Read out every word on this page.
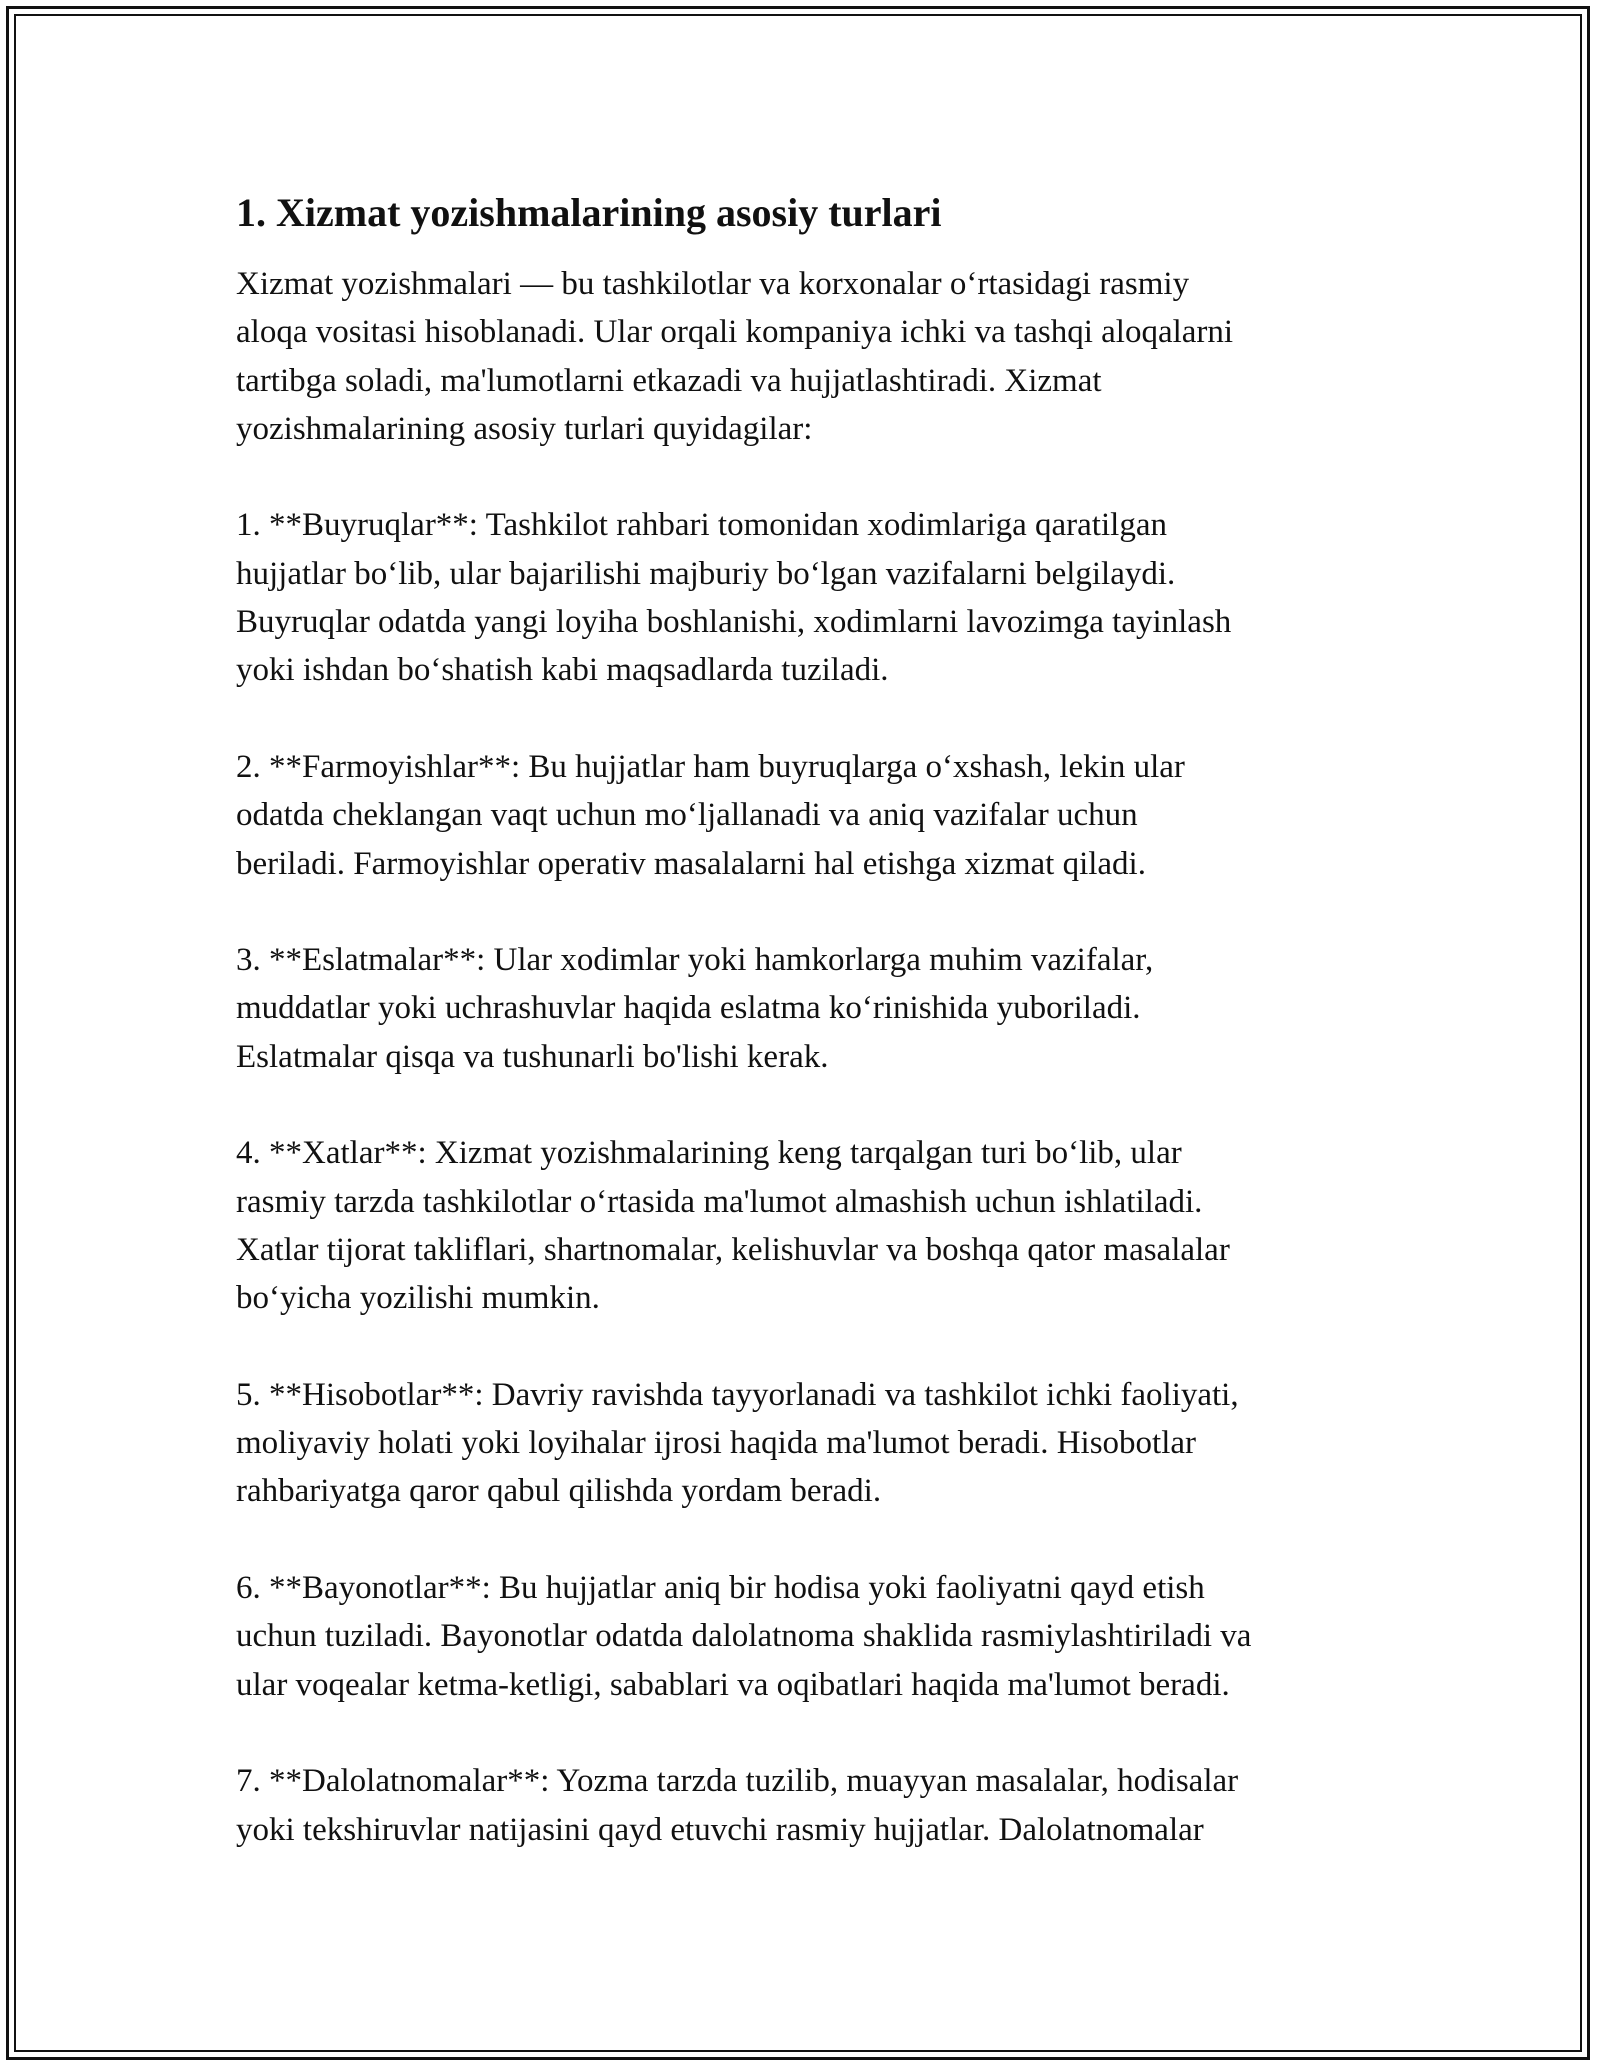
1. Xizmat yozishmalarining asosiy turlari
Xizmat yozishmalari — bu tashkilotlar va korxonalar o‘rtasidagi rasmiy
aloqa vositasi hisoblanadi. Ular orqali kompaniya ichki va tashqi aloqalarni
tartibga soladi, ma'lumotlarni etkazadi va hujjatlashtiradi. Xizmat
yozishmalarining asosiy turlari quyidagilar:
1. **Buyruqlar**: Tashkilot rahbari tomonidan xodimlariga qaratilgan
hujjatlar bo‘lib, ular bajarilishi majburiy bo‘lgan vazifalarni belgilaydi.
Buyruqlar odatda yangi loyiha boshlanishi, xodimlarni lavozimga tayinlash
yoki ishdan bo‘shatish kabi maqsadlarda tuziladi.
2. **Farmoyishlar**: Bu hujjatlar ham buyruqlarga o‘xshash, lekin ular
odatda cheklangan vaqt uchun mo‘ljallanadi va aniq vazifalar uchun
beriladi. Farmoyishlar operativ masalalarni hal etishga xizmat qiladi.
3. **Eslatmalar**: Ular xodimlar yoki hamkorlarga muhim vazifalar,
muddatlar yoki uchrashuvlar haqida eslatma ko‘rinishida yuboriladi.
Eslatmalar qisqa va tushunarli bo'lishi kerak.
4. **Xatlar**: Xizmat yozishmalarining keng tarqalgan turi bo‘lib, ular
rasmiy tarzda tashkilotlar o‘rtasida ma'lumot almashish uchun ishlatiladi.
Xatlar tijorat takliflari, shartnomalar, kelishuvlar va boshqa qator masalalar
bo‘yicha yozilishi mumkin.
5. **Hisobotlar**: Davriy ravishda tayyorlanadi va tashkilot ichki faoliyati,
moliyaviy holati yoki loyihalar ijrosi haqida ma'lumot beradi. Hisobotlar
rahbariyatga qaror qabul qilishda yordam beradi.
6. **Bayonotlar**: Bu hujjatlar aniq bir hodisa yoki faoliyatni qayd etish
uchun tuziladi. Bayonotlar odatda dalolatnoma shaklida rasmiylashtiriladi va
ular voqealar ketma-ketligi, sabablari va oqibatlari haqida ma'lumot beradi.
7. **Dalolatnomalar**: Yozma tarzda tuzilib, muayyan masalalar, hodisalar
yoki tekshiruvlar natijasini qayd etuvchi rasmiy hujjatlar. Dalolatnomalar
